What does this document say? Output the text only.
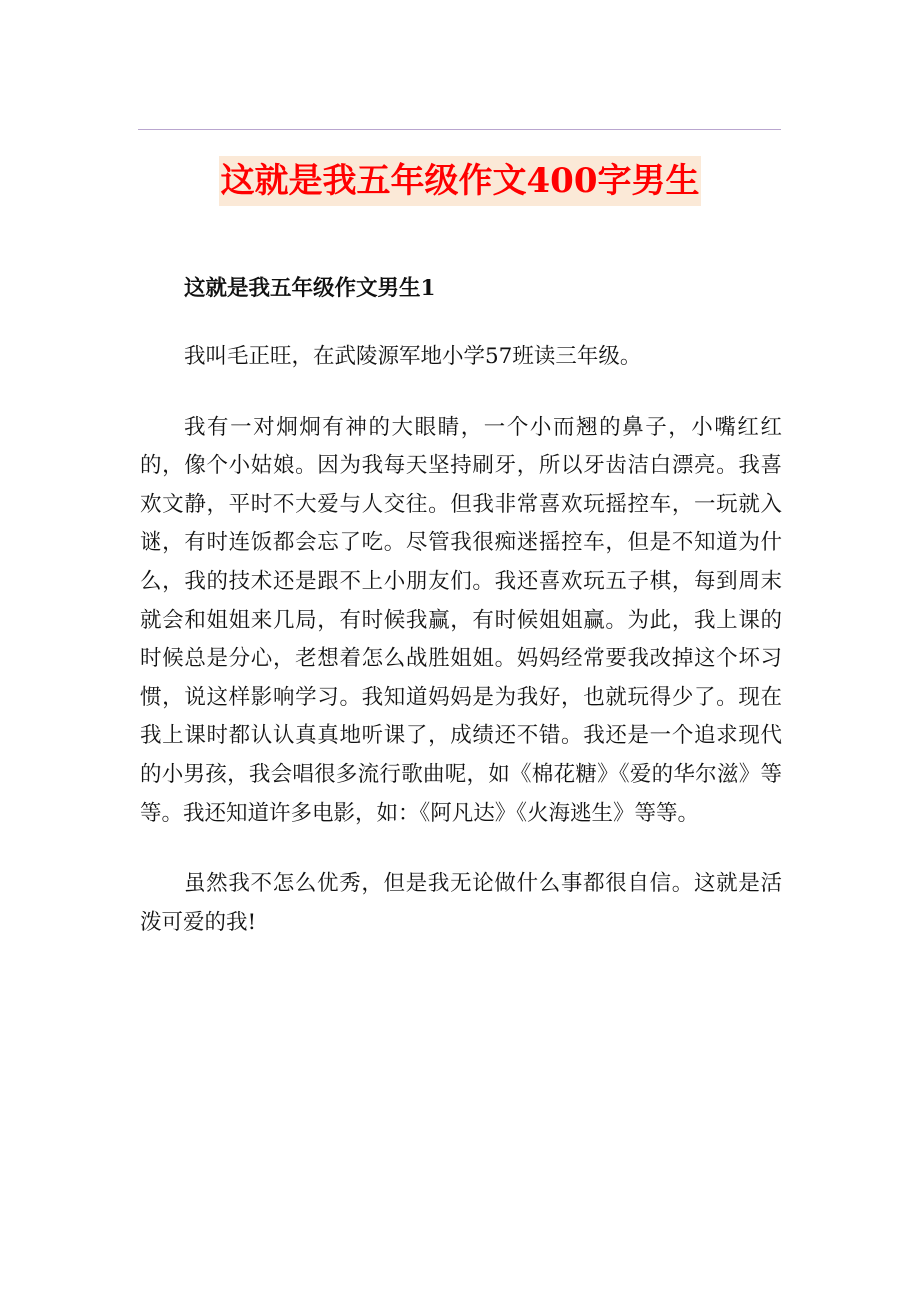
这就是我五年级作文400字男生

这就是我五年级作文男生1

我叫毛正旺，在武陵源军地小学57班读三年级。

我有一对炯炯有神的大眼睛，一个小而翘的鼻子，小嘴红红的，像个小姑娘。因为我每天坚持刷牙，所以牙齿洁白漂亮。我喜欢文静，平时不大爱与人交往。但我非常喜欢玩摇控车，一玩就入谜，有时连饭都会忘了吃。尽管我很痴迷摇控车，但是不知道为什么，我的技术还是跟不上小朋友们。我还喜欢玩五子棋，每到周末就会和姐姐来几局，有时候我赢，有时候姐姐赢。为此，我上课的时候总是分心，老想着怎么战胜姐姐。妈妈经常要我改掉这个坏习惯，说这样影响学习。我知道妈妈是为我好，也就玩得少了。现在我上课时都认认真真地听课了，成绩还不错。我还是一个追求现代的小男孩，我会唱很多流行歌曲呢，如《棉花糖》《爱的华尔滋》等等。我还知道许多电影，如：《阿凡达》《火海逃生》等等。

虽然我不怎么优秀，但是我无论做什么事都很自信。这就是活泼可爱的我!
